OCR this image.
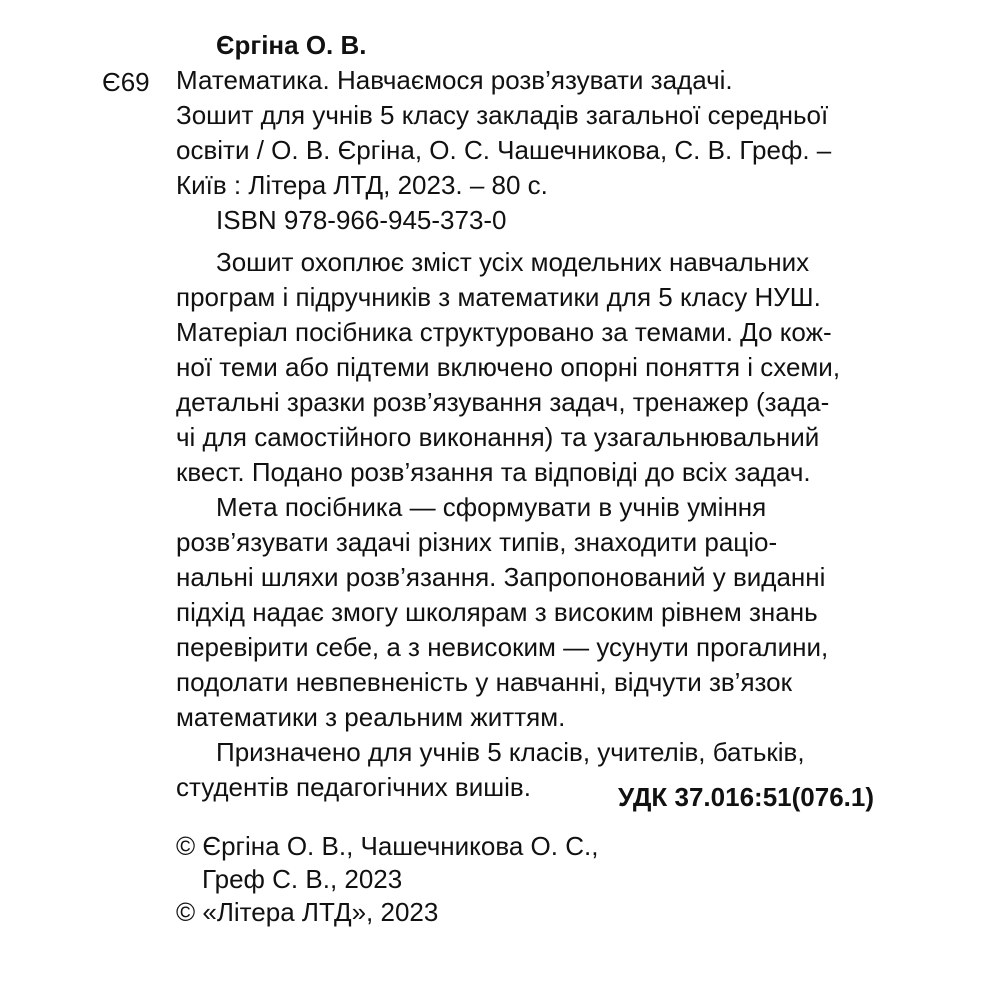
Є69

Єргіна О. В.
Математика. Навчаємося розв’язувати задачі.
Зошит для учнів 5 класу закладів загальної середньої
освіти / О. В. Єргіна, О. С. Чашечникова, С. В. Греф. –
Київ : Літера ЛТД, 2023. – 80 с.
ISBN 978-966-945-373-0
Зошит охоплює зміст усіх модельних навчальних
програм і підручників з математики для 5 класу НУШ.
Матеріал посібника структуровано за темами. До кож-
ної теми або підтеми включено опорні поняття і схеми,
детальні зразки розв’язування задач, тренажер (зада-
чі для самостійного виконання) та узагальнювальний
квест. Подано розв’язання та відповіді до всіх задач.
Мета посібника — сформувати в учнів уміння
розв’язувати задачі різних типів, знаходити раціо-
нальні шляхи розв’язання. Запропонований у виданні
підхід надає змогу школярам з високим рівнем знань
перевірити себе, а з невисоким — усунути прогалини,
подолати невпевненість у навчанні, відчути зв’язок
математики з реальним життям.
Призначено для учнів 5 класів, учителів, батьків,
студентів педагогічних вишів.	УДК 37.016:51(076.1)

© Єргіна О. В., Чашечникова О. С.,
Греф С. В., 2023
© «Літера ЛТД», 2023
